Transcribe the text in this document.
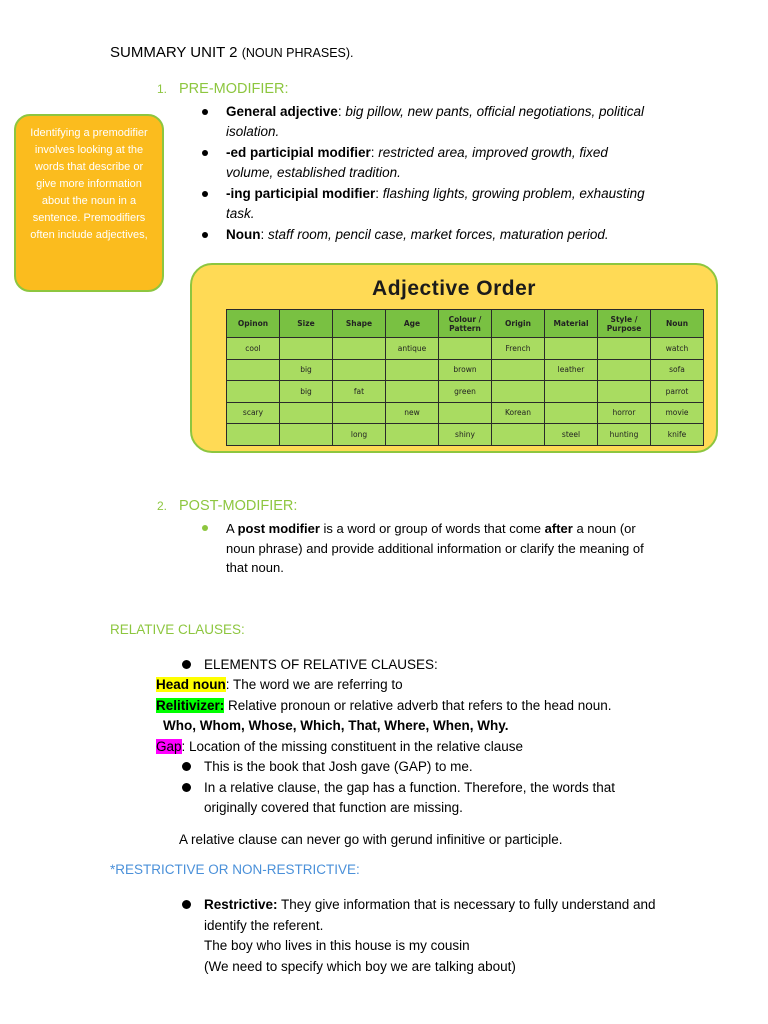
SUMMARY UNIT 2 (NOUN PHRASES).
1. PRE-MODIFIER:
General adjective: big pillow, new pants, official negotiations, political isolation.
-ed participial modifier: restricted area, improved growth, fixed volume, established tradition.
-ing participial modifier: flashing lights, growing problem, exhausting task.
Noun: staff room, pencil case, market forces, maturation period.
Identifying a premodifier involves looking at the words that describe or give more information about the noun in a sentence. Premodifiers often include adjectives,
Adjective Order
Opinon	Size	Shape	Age	Colour / Pattern	Origin	Material	Style / Purpose	Noun
cool			antique		French			watch
	big			brown		leather		sofa
	big	fat		green				parrot
scary			new		Korean		horror	movie
		long		shiny		steel	hunting	knife
2. POST-MODIFIER:
A post modifier is a word or group of words that come after a noun (or noun phrase) and provide additional information or clarify the meaning of that noun.
RELATIVE CLAUSES:
ELEMENTS OF RELATIVE CLAUSES:
Head noun: The word we are referring to
Relitivizer: Relative pronoun or relative adverb that refers to the head noun.
Who, Whom, Whose, Which, That, Where, When, Why.
Gap: Location of the missing constituent in the relative clause
This is the book that Josh gave (GAP) to me.
In a relative clause, the gap has a function. Therefore, the words that originally covered that function are missing.
A relative clause can never go with gerund infinitive or participle.
*RESTRICTIVE OR NON-RESTRICTIVE:
Restrictive: They give information that is necessary to fully understand and identify the referent.
The boy who lives in this house is my cousin
(We need to specify which boy we are talking about)
